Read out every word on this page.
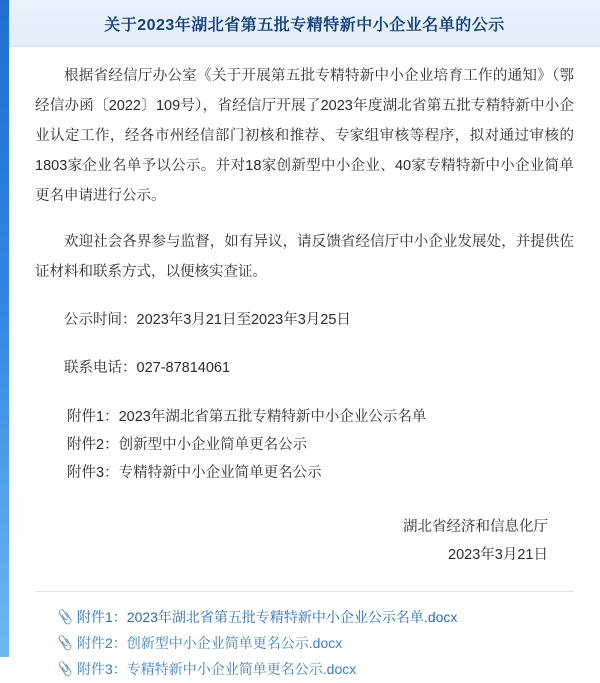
关于2023年湖北省第五批专精特新中小企业名单的公示

根据省经信厅办公室《关于开展第五批专精特新中小企业培育工作的通知》（鄂经信办函〔2022〕109号），省经信厅开展了2023年度湖北省第五批专精特新中小企业认定工作，经各市州经信部门初核和推荐、专家组审核等程序，拟对通过审核的1803家企业名单予以公示。并对18家创新型中小企业、40家专精特新中小企业简单更名申请进行公示。

欢迎社会各界参与监督，如有异议，请反馈省经信厅中小企业发展处，并提供佐证材料和联系方式，以便核实查证。

公示时间：2023年3月21日至2023年3月25日
联系电话：027-87814061
附件1：2023年湖北省第五批专精特新中小企业公示名单
附件2：创新型中小企业简单更名公示
附件3：专精特新中小企业简单更名公示
湖北省经济和信息化厅
2023年3月21日
📎 附件1：2023年湖北省第五批专精特新中小企业公示名单.docx
📎 附件2：创新型中小企业简单更名公示.docx
📎 附件3：专精特新中小企业简单更名公示.docx
